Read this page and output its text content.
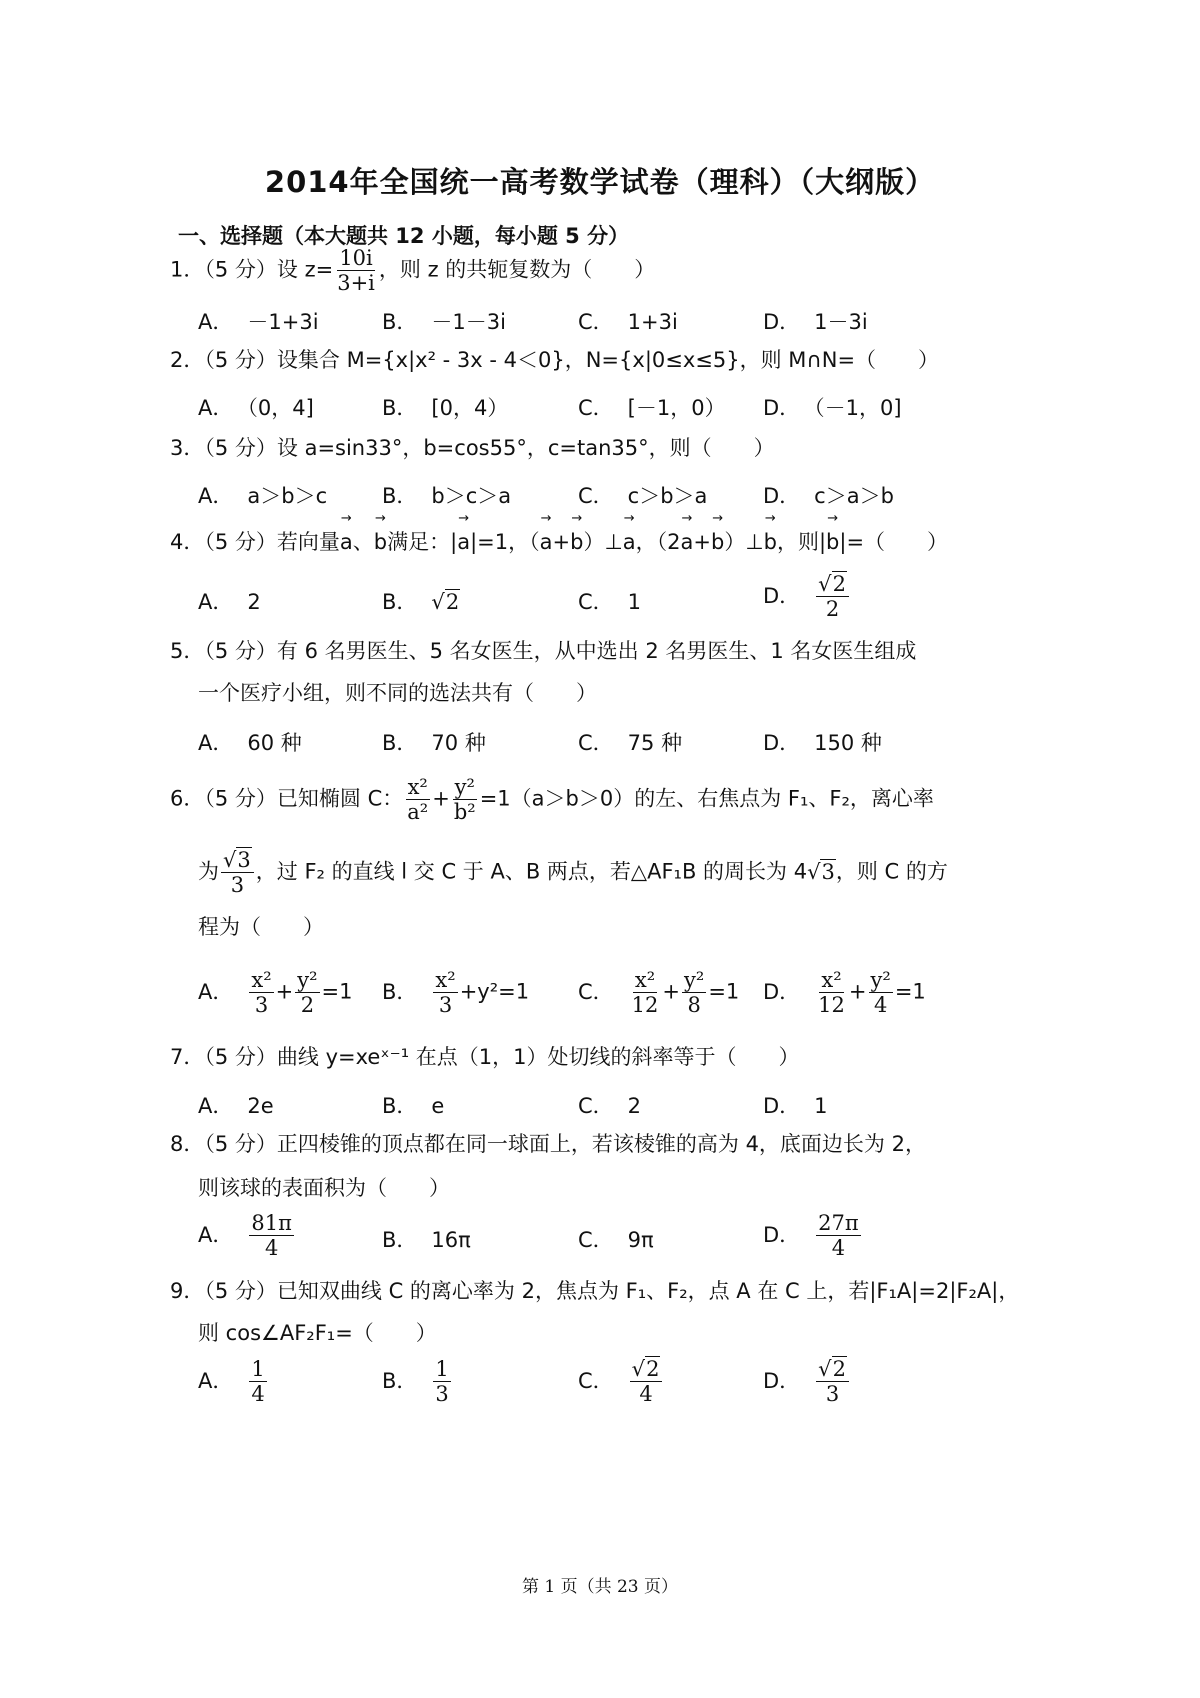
2014年全国统一高考数学试卷（理科）（大纲版）
一、选择题（本大题共 12 小题，每小题 5 分）
1．（5 分）设 $z= \frac{10i}{3+i}$ ，则 z 的共轭复数为（　　）
A． －1+3i	B． －1－3i	C． 1+3i	D． 1－3i
2．（5 分）设集合 M={x|x² - 3x - 4＜0}，N={x|0≤x≤5}，则 M∩N=（　　）
A． （0，4]	B． [0，4）	C． [－1，0） D． （－1，0]
3．（5 分）设 a=sin33°，b=cos55°，c=tan35°，则（　　）
A． a＞b＞c	B． b＞c＞a	C． c＞b＞a	D． c＞a＞b
4．（5 分）若向量→ a、→ b满足：|→ a|=1，（→ a+→ b）⊥→ a，（2→ a+→ b）⊥→ b，则|→ b|=（　　）
A． 2	B． √2	C． 1	D． $\frac{√2}{2}$
5．（5 分）有 6 名男医生、5 名女医生，从中选出 2 名男医生、1 名女医生组成
一个医疗小组，则不同的选法共有（　　）
A． 60 种	B． 70 种	C． 75 种	D． 150 种
6．（5 分）已知椭圆 C： $\frac{\text{x²}}{\text{a²}} + \frac{\text{y²}}{\text{b²}} =1(a>b>0)$的左、右焦点为 F₁、F₂，离心率
为 $\frac{√3}{3}$ ，过 F₂ 的直线 l 交 C 于 A、B 两点，若△AF₁B 的周长为 4√3，则 C 的方
程为（　　）
A． $\frac{\text{x²}}{3} + \frac{\text{y²}}{2} =1$ B． $\frac{\text{x²}}{3} +y^2=1$ C． $\frac{\text{x²}}{12} + \frac{\text{y²}}{8} =1$ D． $\frac{\text{x²}}{12} + \frac{\text{y²}}{4} =1$
7．（5 分）曲线 y=xeˣ⁻¹ 在点（1，1）处切线的斜率等于（　　）
A． 2e	B． e	C． 2	D． 1
8．（5 分）正四棱锥的顶点都在同一球面上，若该棱锥的高为 4，底面边长为 2，
则该球的表面积为（　　）
A． $\frac{81\pi}{4}$	B． 16π	C． 9π	D． $\frac{27\pi}{4}$
9．（5 分）已知双曲线 C 的离心率为 2，焦点为 F₁、F₂，点 A 在 C 上，若|F₁A|=2|F₂A|，
则 cos∠AF₂F₁=（　　）
A． $\frac{1}{4}$	B． $\frac{1}{3}$	C． $\frac{√2}{4}$	D． $\frac{√2}{3}$
第 1 页（共 23 页）
